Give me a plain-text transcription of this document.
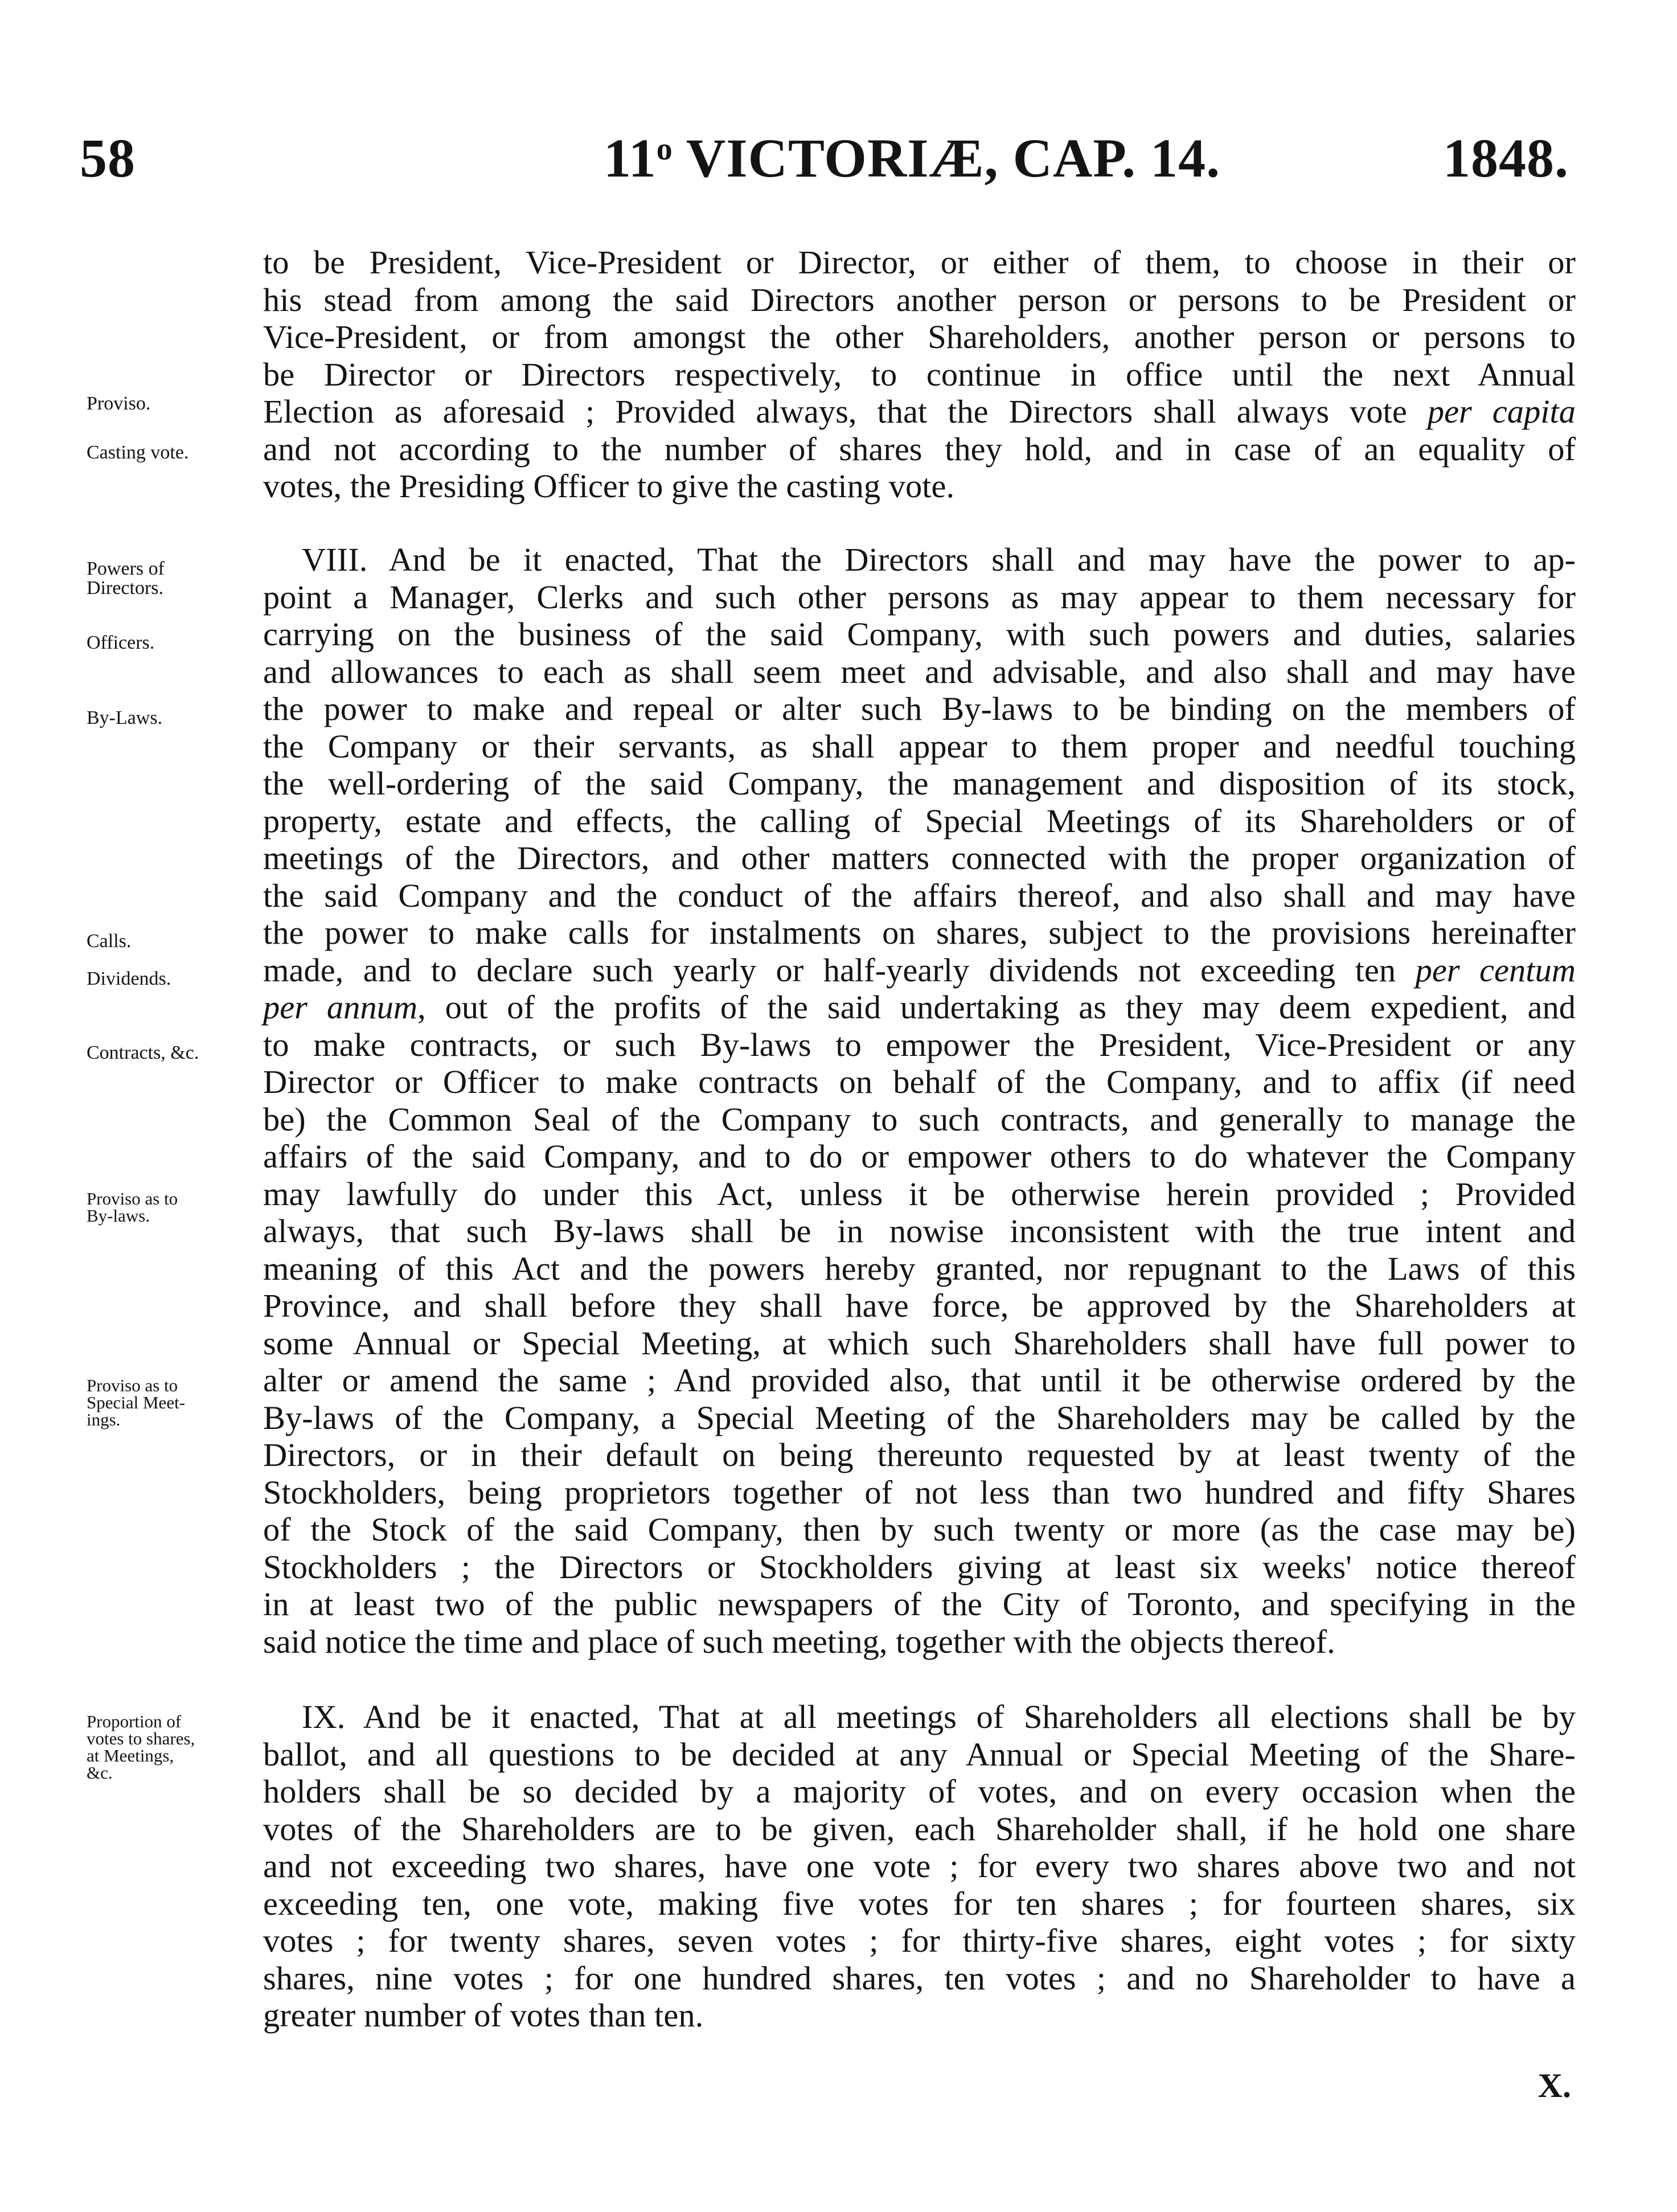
58	11$^o$ VICTORIÆ, CAP. 14.	1848.
to be President, Vice-President or Director, or either of them, to choose in their or
his stead from among the said Directors another person or persons to be President or
Vice-President, or from amongst the other Shareholders, another person or persons to
be Director or Directors respectively, to continue in office until the next Annual
Election as aforesaid ; Provided always, that the Directors shall always vote per capita
and not according to the number of shares they hold, and in case of an equality of
votes, the Presiding Officer to give the casting vote.
VIII. And be it enacted, That the Directors shall and may have the power to ap-
point a Manager, Clerks and such other persons as may appear to them necessary for
carrying on the business of the said Company, with such powers and duties, salaries
and allowances to each as shall seem meet and advisable, and also shall and may have
the power to make and repeal or alter such By-laws to be binding on the members of
the Company or their servants, as shall appear to them proper and needful touching
the well-ordering of the said Company, the management and disposition of its stock,
property, estate and effects, the calling of Special Meetings of its Shareholders or of
meetings of the Directors, and other matters connected with the proper organization of
the said Company and the conduct of the affairs thereof, and also shall and may have
the power to make calls for instalments on shares, subject to the provisions hereinafter
made, and to declare such yearly or half-yearly dividends not exceeding ten per centum
per annum, out of the profits of the said undertaking as they may deem expedient, and
to make contracts, or such By-laws to empower the President, Vice-President or any
Director or Officer to make contracts on behalf of the Company, and to affix (if need
be) the Common Seal of the Company to such contracts, and generally to manage the
affairs of the said Company, and to do or empower others to do whatever the Company
may lawfully do under this Act, unless it be otherwise herein provided ; Provided
always, that such By-laws shall be in nowise inconsistent with the true intent and
meaning of this Act and the powers hereby granted, nor repugnant to the Laws of this
Province, and shall before they shall have force, be approved by the Shareholders at
some Annual or Special Meeting, at which such Shareholders shall have full power to
alter or amend the same ; And provided also, that until it be otherwise ordered by the
By-laws of the Company, a Special Meeting of the Shareholders may be called by the
Directors, or in their default on being thereunto requested by at least twenty of the
Stockholders, being proprietors together of not less than two hundred and fifty Shares
of the Stock of the said Company, then by such twenty or more (as the case may be)
Stockholders ; the Directors or Stockholders giving at least six weeks' notice thereof
in at least two of the public newspapers of the City of Toronto, and specifying in the
said notice the time and place of such meeting, together with the objects thereof.
IX. And be it enacted, That at all meetings of Shareholders all elections shall be by
ballot, and all questions to be decided at any Annual or Special Meeting of the Share-
holders shall be so decided by a majority of votes, and on every occasion when the
votes of the Shareholders are to be given, each Shareholder shall, if he hold one share
and not exceeding two shares, have one vote ; for every two shares above two and not
exceeding ten, one vote, making five votes for ten shares ; for fourteen shares, six
votes ; for twenty shares, seven votes ; for thirty-five shares, eight votes ; for sixty
shares, nine votes ; for one hundred shares, ten votes ; and no Shareholder to have a
greater number of votes than ten.
Proviso.
Casting vote.
Powers of
Directors.
Officers.
By-Laws.
Calls.
Dividends.
Contracts, &c.
Proviso as to
By-laws.
Proviso as to
Special Meet-
ings.
Proportion of
votes to shares,
at Meetings,
&c.
X.
